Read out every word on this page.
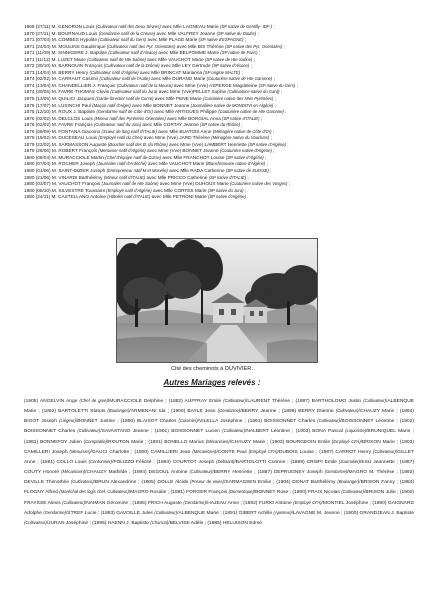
1869 (27/11) M. GENDRON Louis (Cultivateur natif des Deux Sèvres) avec Mlle LAGNEAU Marie (SP native de Gentilly- IDF-) ;
1870 (27/11) M. BOURNAUD Louis (Gendarme natif de la Creuse) avec Mlle VALFREY Jeanne (SP native du Doubs) ;
1871 (07/03) M. COMBES Hypolite (Cultivateur natif du Gers) avec Mlle PLAGE Marie (SP native d'ESPAGNE) ;
1871 (24/04) M. MOULINS Gaudérique (Cultivateur natif des Pyr. Orientales) avec Mlle BIS Thérèse (SP native des Pyr. Orientales) ;
1871 (11/09) M. SINNIGERE J. Baptiste (Cultivateur natif d'Alsace) avec Mlle BELPOMME Marie (SP native de Paris) ;
1871 (11/12) M. LUZET Marie (Cultivateur natif de Hte Saône) avec Mlle VAUCHOT Marie (SP native de Hte Saône) ;
1872 (30/10) M. BARNOUIN François (Cultivateur natif de la Drôme) avec Mlle LEY Gertrude (SP native d'Alsace) ;
1873 (14/04) M. BERRY Henry (Cultivateur natif d'Algérie) avec Mlle BRINCAT Marianna (SP origine MALTE) ;
1874 (02/02) M. CARRAUT Casimir (Cultivateur natif de l'Aude) avec Mlle DURAND Marie (Couturière native de Hte Garonne) ;
1874 (13/04) M. CHANDELLIER J. François (Cultivateur natif de la Meuse) avec Mme (Vve) ASPERGE Magdeleine (SP native du Gers) ;
1874 (30/05) M. FAVRE-THOMAS Clovis (Cultivateur natif du Jura) avec Mme (Vve)PELLET Sophie (Cultivatrice native du Gard) ;
1875 (13/05) M. QUILICI Jacques (Garde-forestier natif de Corse) avec Mlle PENE Marie (Cuisinière native des Htes Pyrénées) ;
1875 (17/07) M. LUSINCHI Paul (Maçon natif d'Alger) avec Mlle BONNET Jeanne (Journalière native de MONDOVI en Algérie) ;
1875 (12/10) M. ROUX J. Baptiste (Gendarme natif de Côte d'Or) avec Mlle ARTIGUES Philippe (Couturière native de Hte Garonne) ;
1876 (02/02) M. DELCLOS Louis (Mineur natif des Pyrénées Orientales) avec Mlle BORGIAL Anna (SP native d'ITALIE) ;
1876 (02/02) M. FAVRE François (Cultivateur natif du Jura) avec Mlle CORTAY Jeanne (SP native du Rhône) ;
1876 (09/09) M. FONTANA Giacomo (Scieur de long natif d'ITALIE) avec Mlle BUATOIS Anne (Ménagère native de Côte d'Or) ;
1879 (15/02) M. DUCESEAU Louis (Employé natif du Cher) avec Mme (Vve) JARD Thérèse (Ménagère native du Vaucluse) ;
1879 (22/02) M. SARMASSON Auguste (Boucher natif des B. du Rhône) avec Mme (Vve) LAMBERT Henriette (SP native d'Algérie) ;
1879 (28/06) M. ROBERT François (Menuisier natif d'Algérie) avec Mme (Vve) BONNET Jeanne (Couturière native d'Algérie) ;
1880 (08/03) M. MURACCIOLE Martin (Chef d'équipe natif de Corse) avec Mlle FRANCHOT Louise (SP native d'Algérie) ;
1880 (07/04) M. ROCHER Joseph (Journalier natif d'Ardèche) avec Mlle VAUCHOT Marie (Blanchisseuse native d'Algérie) ;
1880 (01/06) M. SAINT-DIZIER Joseph (Entrepreneur natif M et Moselle) avec Mlle RADA Catherine (SP native de SUISSE) ;
1880 (21/06) M. VINARDI Barthélémy (Mineur natif d'ITALIE) avec Mlle PRICCO Catherine (SP native d'ITALIE) ;
1880 (03/07) M. VAUCHOT François (Journalier natif de Hte Saône) avec Mme (Vve) DUHOUX Marie (Couturière native des Vosges) ;
1880 (05/10) M. SILVESTRE Toussaint (Employé natif d'Algérie) avec Mlle CORTES Marie (SP native du Jura) ;
1880 (24/11) M. CASTELLANO Antoine (Hôtelier natif d'ITALIE) avec Mlle PETRONI Marie (SP native d'Algérie) .
Cité des cheminots à DUVIVIER.
Autres Mariages relevés :
(1905) ANGELVIN Ange (Chef de gare)/MURACCIOLE Delphine ; (1882) AUFFRAY Emile (Cultivateur)/LAURENT Thérèse ; (1887) BARTHOLOMO Justin (Cultivateur)/ALBENQUE Marie ; (1892) BARTOLETTI Statuts (Boulanger)/ARMENANI Ida ; (1900) BAYLE Jean (Gendarme)/BERRY Jeanne ; (1899) BERRY Etienne (Cultivateur)/CHAUZY Marie ; (1894) BIGOT Joseph (Liégeur)/BONNET Justine ; (1890) BLAISOT Charles (Cuisinier)/VILELLA Joséphine ; (1891) BOISSONNET Charles (Cultivateur)/BOISSONNET Léontine ; (1902) BOISSONNET Charles (Cultivateur)/SAVASTANO Jeanne ; (1901) BOISSONNET Lucien (Cultivateur)/NALBERT Léontine ; (1903) BONA Pascal (Liquoriste)/BRUNIQUEL Marie ; (1881) BONNEFOY Julien (Comptable)/ROUTON Marie ; (1891) BONELLO Marius (Mécanicien)/CHAUZY Marie ; (1903) BOURGEOIN Emile (Employé CFA)/BRISON Marie ; (1903) CAMILLERI Joseph (Menuisier)/GAUCI Charlotte ; (1900) CAMILLIERI Jean (Mécanicien)/CONTE Paul (Employé CFA)/DUBOIS Louise ; (1897) CARROT Henry (Cultivateur)/GILLET Anne ; (1881) COLLO Louis (Cordonnier)/FOLIZZO Félicité ; (1893) COURTOT Joseph (Débitant)/BARTOLOTTI Corinne ; (1889) CRISPI Emile (Journalier)/ESU Jeannette ; (1887) COUTY Honoré (Mécanicien)/CHAUZY Mathilde ; (1894) DEGOUL Antoine (Cultivateur)/BERRY Henriette ; (1887) DEPRUGNEY Joseph (Gendarme)/MAGRO M. Thérèse ; (1892) DEVILLE Thimothée (Cultivateur)/BRUN Alexandrine ; (1905) DOLLE Alcide (Poseur de voies)/SARMASSEN Emilie ; (1904) DONAT Barthélémy (Boulanger)/BRISON Fanny ; (1884) FLOGNY Alfred (Maréchal des logis chef, Cultivateur)/MAGRO Rosalie ; (1881) FORGER François (Domestique)/BONNET Rose ; (1900) FRAIX Nicolas (Cultivateur)/BRISON Julie ; (1900) FRAYSSE Alexis (Cultivateur)/NAIMAN Géromine ; (1885) FRICH Auguste (Gendarme)/HAJEAU Anne ; (1892) FURIO Antoine (Employé CFA)/MONTIEL Joséphine ; (1890) GAIGNARD Adolphe (Gendarme)/STREF Lucie ; (1883) GAVOILLE Jules (Cultivateur)/ALBENQUE Marie ; (1891) GIBERT Achille (Ajusteur)/LAVAGNE M. Jeanne ; (1900) GRANDJEAN J. Baptiste (Cultivateur)/JURAN Joséphine ; (1895) HAENN J. Baptiste (Charron)/BELVISE Adèle ; (1885) HELUISON Edmé
